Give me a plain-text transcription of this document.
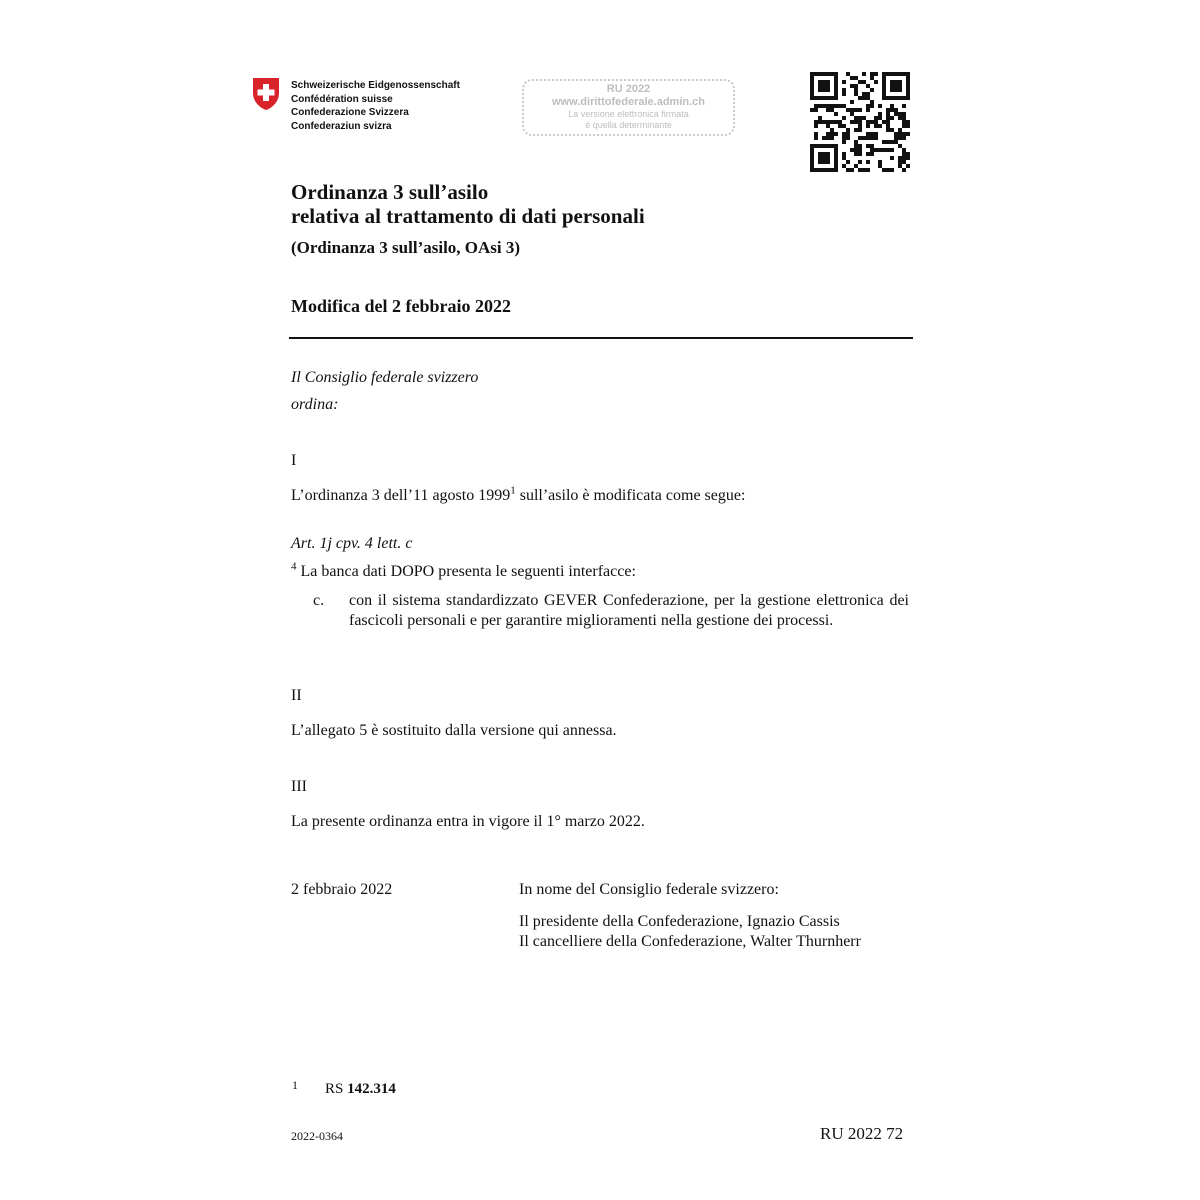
Schweizerische Eidgenossenschaft
Confédération suisse
Confederazione Svizzera
Confederaziun svizra
RU 2022
www.dirittofederale.admin.ch
La versione elettronica firmata
è quella determinante
Ordinanza 3 sull’asilo
relativa al trattamento di dati personali
(Ordinanza 3 sull’asilo, OAsi 3)
Modifica del 2 febbraio 2022
Il Consiglio federale svizzero
ordina:
I
L’ordinanza 3 dell’11 agosto 1999$^1$ sull’asilo è modificata come segue:
Art. 1j cpv. 4 lett. c
$^4$ La banca dati DOPO presenta le seguenti interfacce:
c. con il sistema standardizzato GEVER Confederazione, per la gestione elettronica dei fascicoli personali e per garantire miglioramenti nella gestione dei processi.
II
L’allegato 5 è sostituito dalla versione qui annessa.
III
La presente ordinanza entra in vigore il 1° marzo 2022.
2 febbraio 2022	In nome del Consiglio federale svizzero:
Il presidente della Confederazione, Ignazio Cassis
Il cancelliere della Confederazione, Walter Thurnherr
1 RS 142.314
2022-0364	RU 2022 72
